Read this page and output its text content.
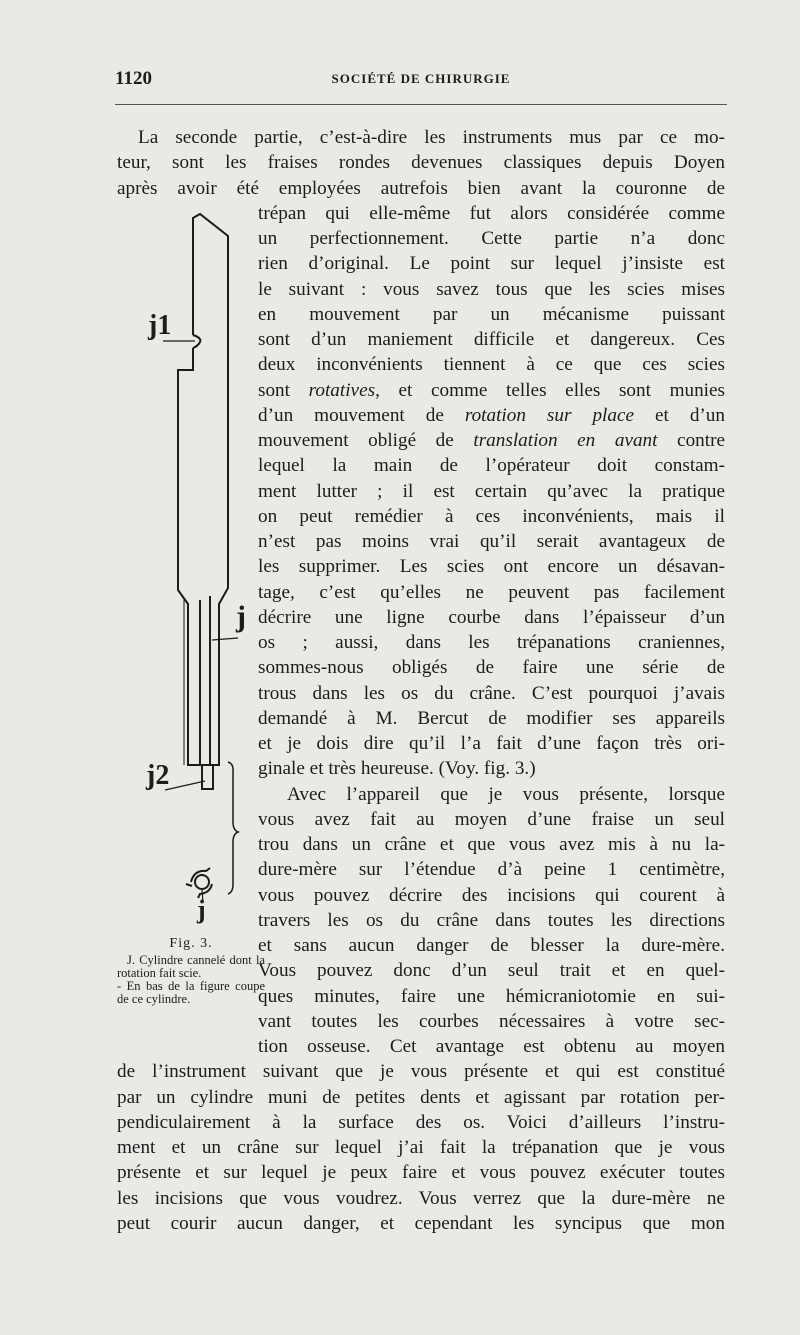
1120	SOCIÉTÉ DE CHIRURGIE
La seconde partie, c’est-à-dire les instruments mus par ce mo-
teur, sont les fraises rondes devenues classiques depuis Doyen
après avoir été employées autrefois bien avant la couronne de
trépan qui elle-même fut alors considérée comme
un perfectionnement. Cette partie n’a donc
rien d’original. Le point sur lequel j’insiste est
le suivant : vous savez tous que les scies mises
en mouvement par un mécanisme puissant
sont d’un maniement difficile et dangereux. Ces
deux inconvénients tiennent à ce que ces scies
sont rotatives, et comme telles elles sont munies
d’un mouvement de rotation sur place et d’un
mouvement obligé de translation en avant contre
lequel la main de l’opérateur doit constam-
ment lutter ; il est certain qu’avec la pratique
on peut remédier à ces inconvénients, mais il
n’est pas moins vrai qu’il serait avantageux de
les supprimer. Les scies ont encore un désavan-
tage, c’est qu’elles ne peuvent pas facilement
décrire une ligne courbe dans l’épaisseur d’un
os ; aussi, dans les trépanations craniennes,
sommes-nous obligés de faire une série de
trous dans les os du crâne. C’est pourquoi j’avais
demandé à M. Bercut de modifier ses appareils
et je dois dire qu’il l’a fait d’une façon très ori-
ginale et très heureuse. (Voy. fig. 3.)
Avec l’appareil que je vous présente, lorsque
vous avez fait au moyen d’une fraise un seul
trou dans un crâne et que vous avez mis à nu la-
dure-mère sur l’étendue d’à peine 1 centimètre,
vous pouvez décrire des incisions qui courent à
travers les os du crâne dans toutes les directions
et sans aucun danger de blesser la dure-mère.
Vous pouvez donc d’un seul trait et en quel-
ques minutes, faire une hémicraniotomie en sui-
vant toutes les courbes nécessaires à votre sec-
tion osseuse. Cet avantage est obtenu au moyen
de l’instrument suivant que je vous présente et qui est constitué
par un cylindre muni de petites dents et agissant par rotation per-
pendiculairement à la surface des os. Voici d’ailleurs l’instru-
ment et un crâne sur lequel j’ai fait la trépanation que je vous
présente et sur lequel je peux faire et vous pouvez exécuter toutes
les incisions que vous voudrez. Vous verrez que la dure-mère ne
peut courir aucun danger, et cependant les syncipus que mon
j1
j
j2
j
Fig. 3.
J. Cylindre cannelé dont la rotation fait scie.
- En bas de la figure coupe de ce cylindre.
